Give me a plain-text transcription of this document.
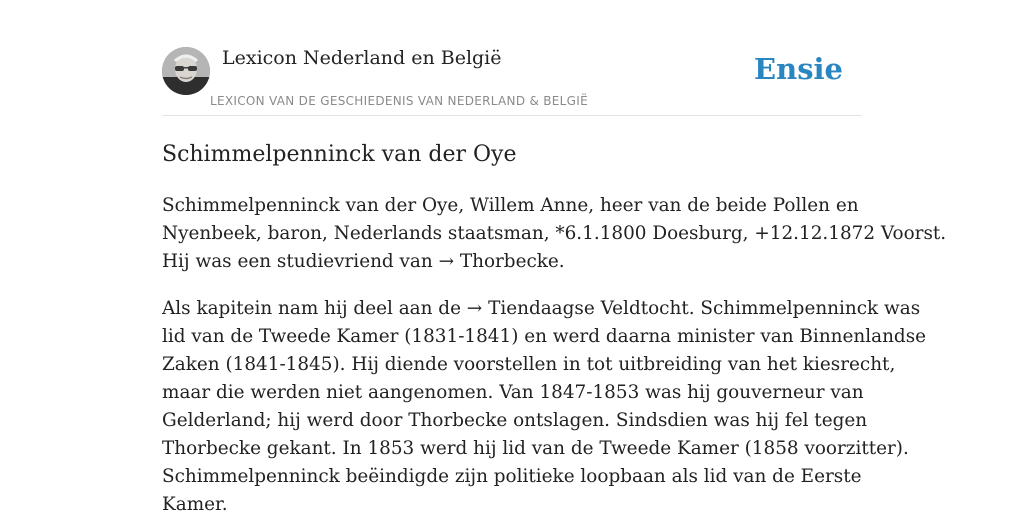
Lexicon Nederland en België
LEXICON VAN DE GESCHIEDENIS VAN NEDERLAND & BELGIË
Ensie
Schimmelpenninck van der Oye

Schimmelpenninck van der Oye, Willem Anne, heer van de beide Pollen en
Nyenbeek, baron, Nederlands staatsman, *6.1.1800 Doesburg, +12.12.1872 Voorst.
Hij was een studievriend van → Thorbecke.

Als kapitein nam hij deel aan de → Tiendaagse Veldtocht. Schimmelpenninck was
lid van de Tweede Kamer (1831-1841) en werd daarna minister van Binnenlandse
Zaken (1841-1845). Hij diende voorstellen in tot uitbreiding van het kiesrecht,
maar die werden niet aangenomen. Van 1847-1853 was hij gouverneur van
Gelderland; hij werd door Thorbecke ontslagen. Sindsdien was hij fel tegen
Thorbecke gekant. In 1853 werd hij lid van de Tweede Kamer (1858 voorzitter).
Schimmelpenninck beëindigde zijn politieke loopbaan als lid van de Eerste
Kamer.
